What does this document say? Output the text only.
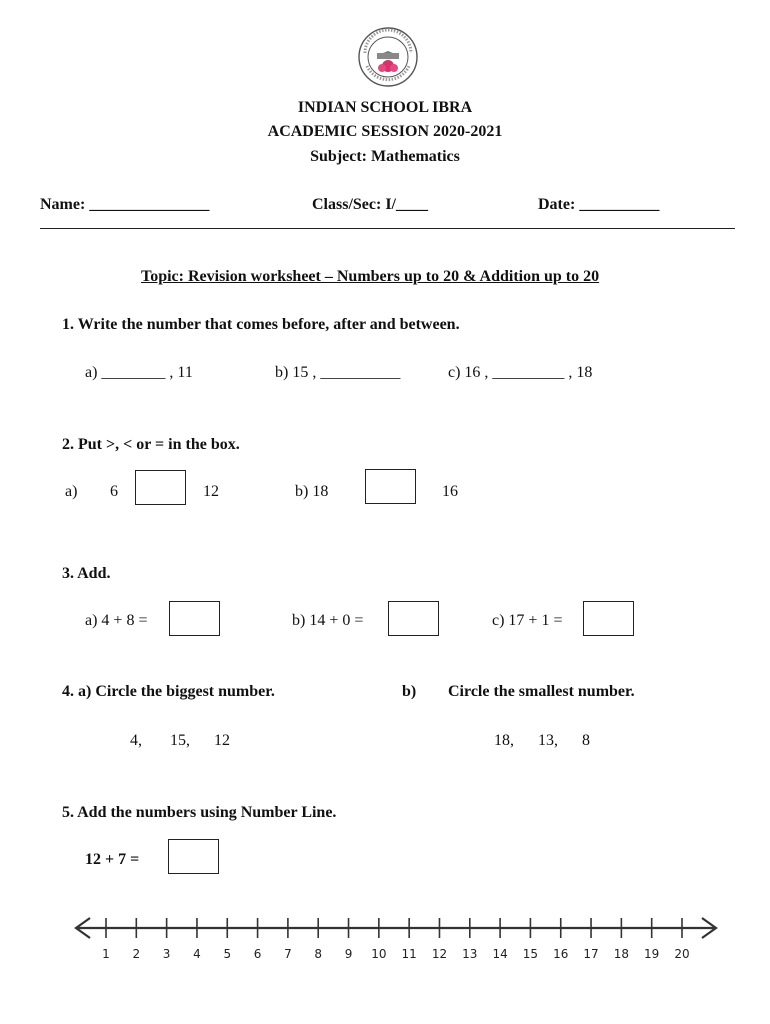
INDIAN SCHOOL IBRA
ACADEMIC SESSION 2020-2021
Subject: Mathematics
Name: _______________	Class/Sec: I/____	Date: __________
Topic: Revision worksheet – Numbers up to 20 & Addition up to 20
1. Write the number that comes before, after and between.
a) ________ , 11	b) 15 , __________	c) 16 , _________ , 18
2. Put >, < or = in the box.
a) 6	12	b) 18	16
3. Add.
a) 4 + 8 =	b) 14 + 0 =	c) 17 + 1 =
4. a) Circle the biggest number.	b) Circle the smallest number.
4,       15,      12	18,      13,      8
5. Add the numbers using Number Line.
12 + 7 =
1 2 3 4 5 6 7 8 9 10 11 12 13 14 15 16 17 18 19 20
